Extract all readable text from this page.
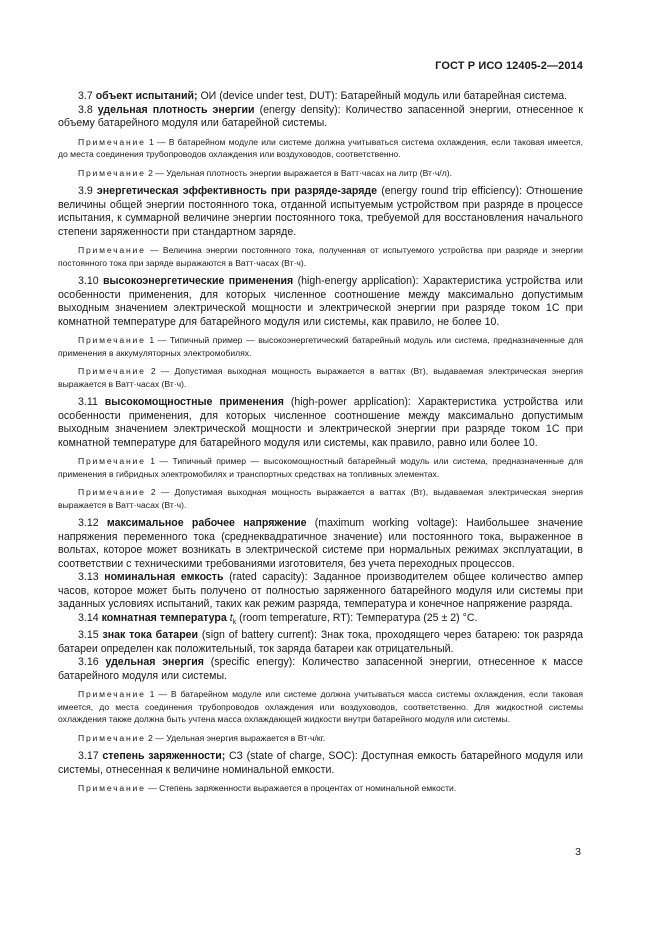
ГОСТ Р ИСО 12405-2—2014

3.7 объект испытаний; ОИ (device under test, DUT): Батарейный модуль или батарейная система.

3.8 удельная плотность энергии (energy density): Количество запасенной энергии, отнесенное к объему батарейного модуля или батарейной системы.

Примечание 1 — В батарейном модуле или системе должна учитываться система охлаждения, если таковая имеется, до места соединения трубопроводов охлаждения или воздуховодов, соответственно.

Примечание 2 — Удельная плотность энергии выражается в Ватт·часах на литр (Вт·ч/л).

3.9 энергетическая эффективность при разряде-заряде (energy round trip efficiency): Отношение величины общей энергии постоянного тока, отданной испытуемым устройством при разряде в процессе испытания, к суммарной величине энергии постоянного тока, требуемой для восстановления начального степени заряженности при стандартном заряде.

Примечание — Величина энергии постоянного тока, полученная от испытуемого устройства при разряде и энергии постоянного тока при заряде выражаются в Ватт·часах (Вт·ч).

3.10 высокоэнергетические применения (high-energy application): Характеристика устройства или особенности применения, для которых численное соотношение между максимально допустимым выходным значением электрической мощности и электрической энергии при разряде током 1С при комнатной температуре для батарейного модуля или системы, как правило, не более 10.

Примечание 1 — Типичный пример — высокоэнергетический батарейный модуль или система, предназначенные для применения в аккумуляторных электромобилях.

Примечание 2 — Допустимая выходная мощность выражается в ваттах (Вт), выдаваемая электрическая энергия выражается в Ватт·часах (Вт·ч).

3.11 высокомощностные применения (high-power application): Характеристика устройства или особенности применения, для которых численное соотношение между максимально допустимым выходным значением электрической мощности и электрической энергии при разряде током 1С при комнатной температуре для батарейного модуля или системы, как правило, равно или более 10.

Примечание 1 — Типичный пример — высокомощностный батарейный модуль или система, предназначенные для применения в гибридных электромобилях и транспортных средствах на топливных элементах.

Примечание 2 — Допустимая выходная мощность выражается в ваттах (Вт), выдаваемая электрическая энергия выражается в Ватт·часах (Вт·ч).

3.12 максимальное рабочее напряжение (maximum working voltage): Наибольшее значение напряжения переменного тока (среднеквадратичное значение) или постоянного тока, выраженное в вольтах, которое может возникать в электрической системе при нормальных режимах эксплуатации, в соответствии с техническими требованиями изготовителя, без учета переходных процессов.

3.13 номинальная емкость (rated capacity): Заданное производителем общее количество ампер часов, которое может быть получено от полностью заряженного батарейного модуля или системы при заданных условиях испытаний, таких как режим разряда, температура и конечное напряжение разряда.

3.14 комнатная температура $t_k$ (room temperature, RT): Температура (25 ± 2) °С.

3.15 знак тока батареи (sign of battery current): Знак тока, проходящего через батарею: ток разряда батареи определен как положительный, ток заряда батареи как отрицательный.

3.16 удельная энергия (specific energy): Количество запасенной энергии, отнесенное к массе батарейного модуля или системы.

Примечание 1 — В батарейном модуле или системе должна учитываться масса системы охлаждения, если таковая имеется, до места соединения трубопроводов охлаждения или воздуховодов, соответственно. Для жидкостной системы охлаждения также должна быть учтена масса охлаждающей жидкости внутри батарейного модуля или системы.

Примечание 2 — Удельная энергия выражается в Вт·ч/кг.

3.17 степень заряженности; СЗ (state of charge, SOC): Доступная емкость батарейного модуля или системы, отнесенная к величине номинальной емкости.

Примечание — Степень заряженности выражается в процентах от номинальной емкости.

3
